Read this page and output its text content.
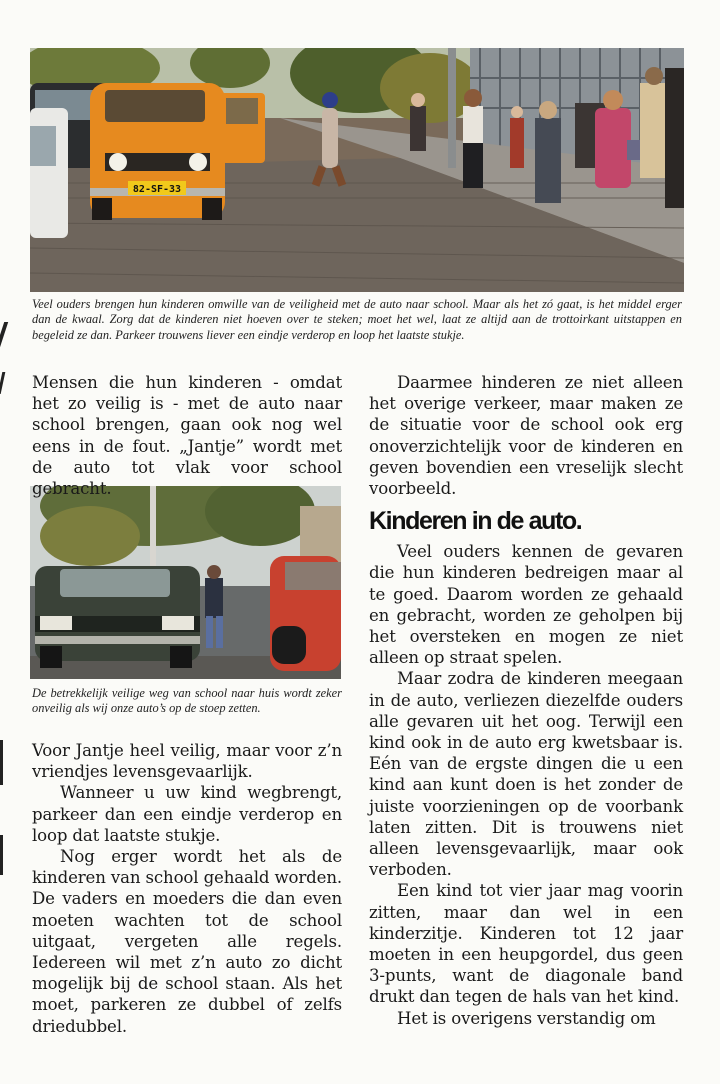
82-SF-33

Veel ouders brengen hun kinderen omwille van de veiligheid met de auto naar school. Maar als het zó gaat, is het middel erger dan de kwaal. Zorg dat de kinderen niet hoeven over te steken; moet het wel, laat ze altijd aan de trottoirkant uitstappen en begeleid ze dan. Parkeer trouwens liever een eindje verderop en loop het laatste stukje.

De betrekkelijk veilige weg van school naar huis wordt zeker onveilig als wij onze auto’s op de stoep zetten.

Mensen die hun kinderen - omdat het zo veilig is - met de auto naar school brengen, gaan ook nog wel eens in de fout. „Jantje” wordt met de auto tot vlak voor school gebracht.

Voor Jantje heel veilig, maar voor z’n vriendjes levensgevaarlijk.

Wanneer u uw kind wegbrengt, parkeer dan een eindje verderop en loop dat laatste stukje.

Nog erger wordt het als de kinderen van school gehaald worden. De vaders en moeders die dan even moeten wachten tot de school uitgaat, vergeten alle regels. Iedereen wil met z’n auto zo dicht mogelijk bij de school staan. Als het moet, parkeren ze dubbel of zelfs driedubbel.

Daarmee hinderen ze niet alleen het overige verkeer, maar maken ze de situatie voor de school ook erg onoverzichtelijk voor de kinderen en geven bovendien een vreselijk slecht voorbeeld.

Kinderen in de auto.

Veel ouders kennen de gevaren die hun kinderen bedreigen maar al te goed. Daarom worden ze gehaald en gebracht, worden ze geholpen bij het oversteken en mogen ze niet alleen op straat spelen.

Maar zodra de kinderen meegaan in de auto, verliezen diezelfde ouders alle gevaren uit het oog. Terwijl een kind ook in de auto erg kwetsbaar is. Eén van de ergste dingen die u een kind aan kunt doen is het zonder de juiste voorzieningen op de voorbank laten zitten. Dit is trouwens niet alleen levensgevaarlijk, maar ook verboden.

Een kind tot vier jaar mag voorin zitten, maar dan wel in een kinderzitje. Kinderen tot 12 jaar moeten in een heupgordel, dus geen 3-punts, want de diagonale band drukt dan tegen de hals van het kind.

Het is overigens verstandig om
